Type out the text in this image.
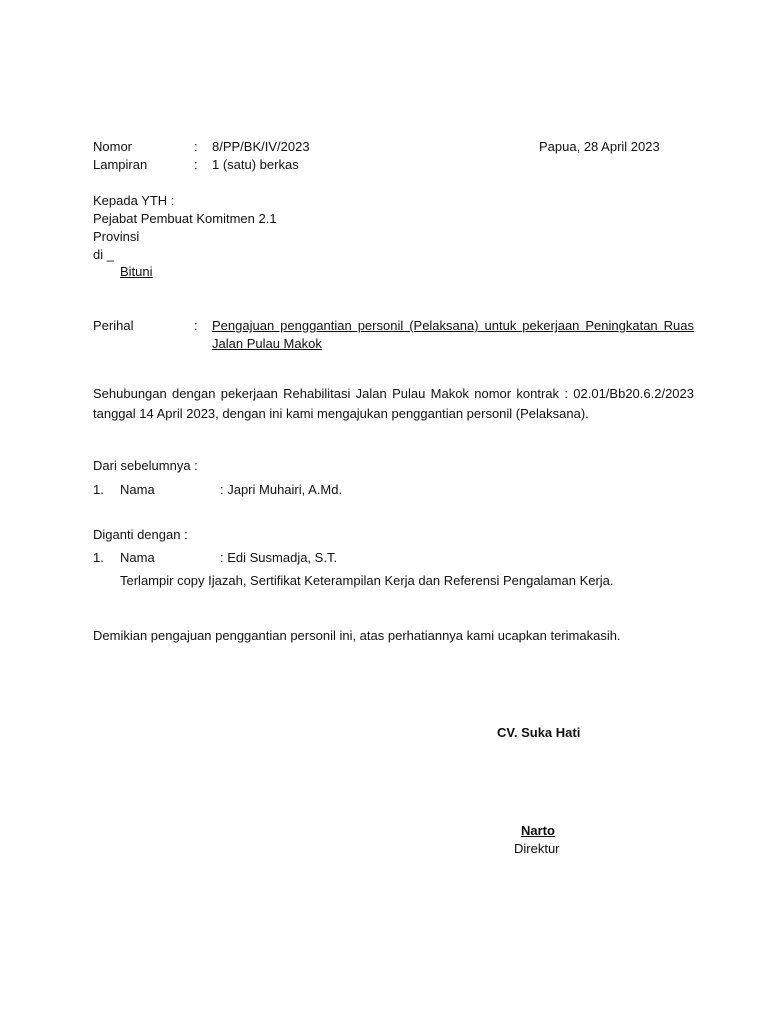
Nomor	: 8/PP/BK/IV/2023	Papua, 28 April 2023
Lampiran	: 1 (satu) berkas
Kepada YTH :
Pejabat Pembuat Komitmen 2.1
Provinsi
di _
Bituni
Perihal	: Pengajuan penggantian personil (Pelaksana) untuk pekerjaan Peningkatan Ruas Jalan Pulau Makok
Sehubungan dengan pekerjaan Rehabilitasi Jalan Pulau Makok nomor kontrak : 02.01/Bb20.6.2/2023 tanggal 14 April 2023, dengan ini kami mengajukan penggantian personil (Pelaksana).
Dari sebelumnya :
1. Nama	: Japri Muhairi, A.Md.
Diganti dengan :
1. Nama	: Edi Susmadja, S.T.
Terlampir copy Ijazah, Sertifikat Keterampilan Kerja dan Referensi Pengalaman Kerja.
Demikian pengajuan penggantian personil ini, atas perhatiannya kami ucapkan terimakasih.
CV. Suka Hati
Narto
Direktur
